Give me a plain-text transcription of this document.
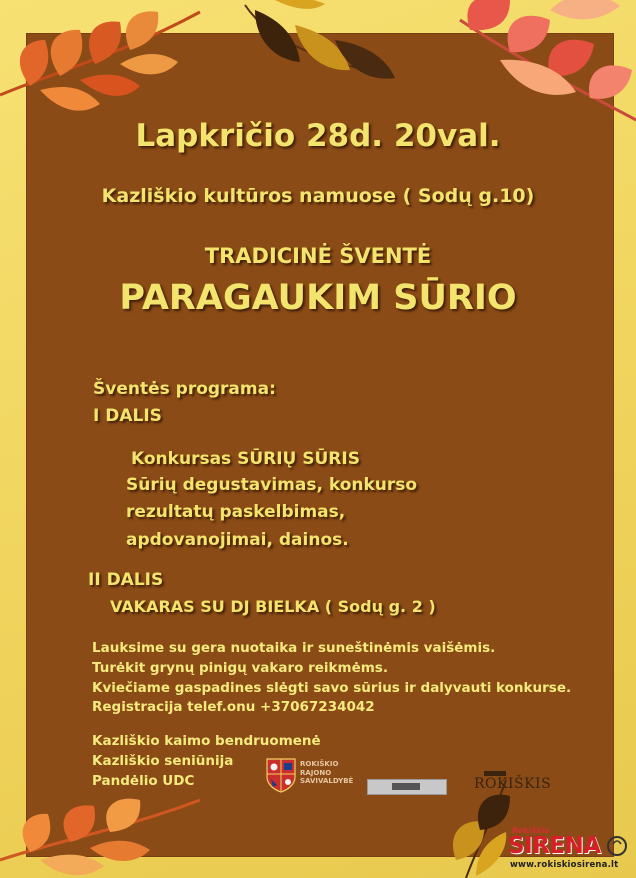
Lapkričio 28d. 20val.
Kazliškio kultūros namuose ( Sodų g.10)
TRADICINĖ ŠVENTĖ
PARAGAUKIM SŪRIO
Šventės programa:
I DALIS
Konkursas SŪRIŲ SŪRIS
Sūrių degustavimas, konkurso
rezultatų paskelbimas,
apdovanojimai, dainos.
II DALIS
VAKARAS SU DJ BIELKA ( Sodų g. 2 )
Lauksime su gera nuotaika ir suneštinėmis vaišėmis.
Turėkit grynų pinigų vakaro reikmėms.
Kviečiame gaspadines slėgti savo sūrius ir dalyvauti konkurse.
Registracija telef.onu +37067234042
Kazliškio kaimo bendruomenė
Kazliškio seniūnija
Pandėlio UDC
ROKIŠKIO
RAJONO
SAVIVALDYBĖ	ROKIŠKIS
Rokiškio
SIRENA
www.rokiskiosirena.lt
